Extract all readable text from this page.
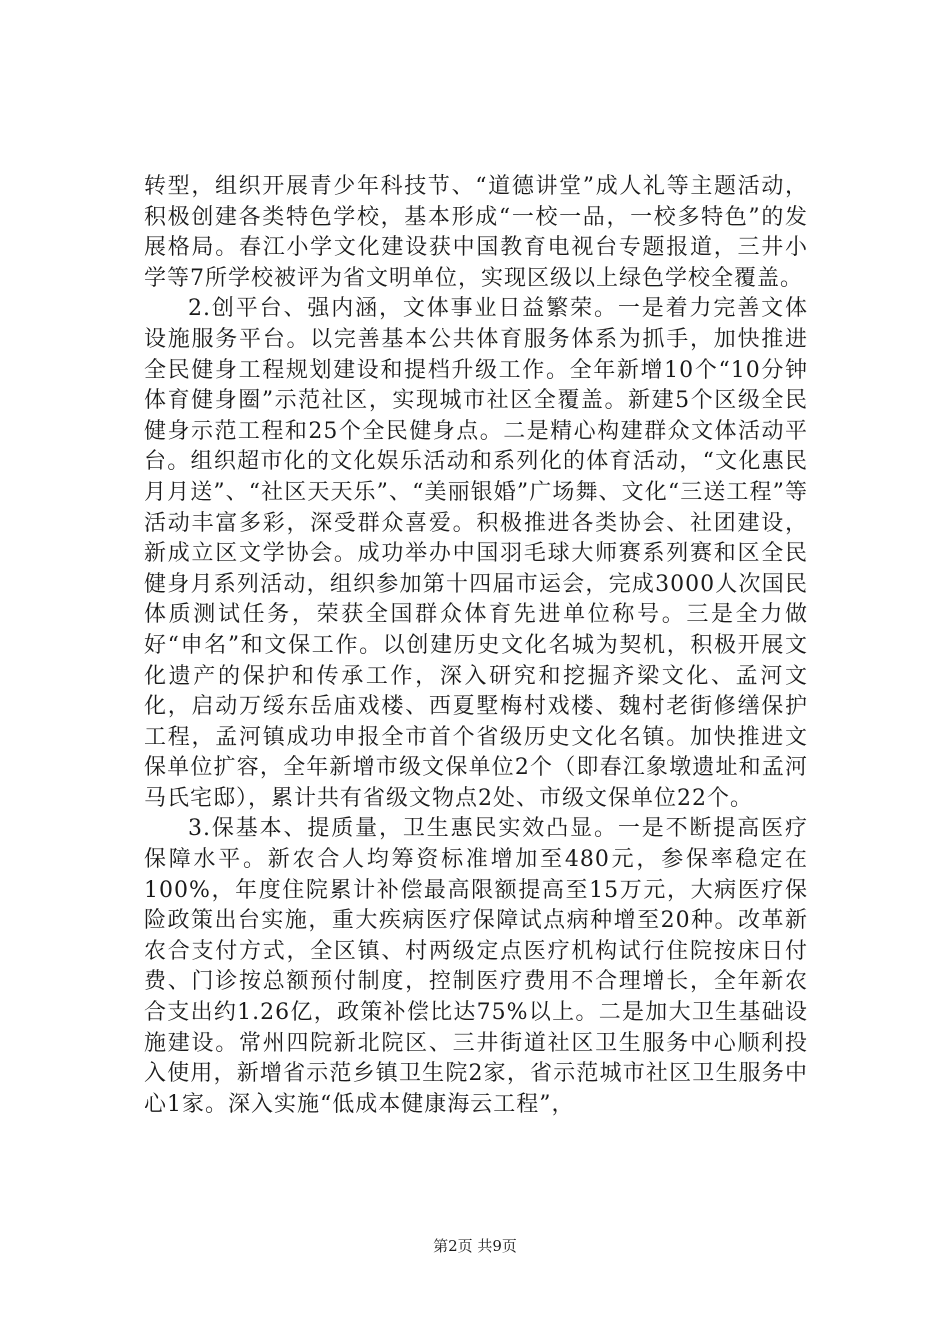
转型，组织开展青少年科技节、“道德讲堂”成人礼等主题活动，积极创建各类特色学校，基本形成“一校一品，一校多特色”的发展格局。春江小学文化建设获中国教育电视台专题报道，三井小学等7所学校被评为省文明单位，实现区级以上绿色学校全覆盖。

2.创平台、强内涵，文体事业日益繁荣。一是着力完善文体设施服务平台。以完善基本公共体育服务体系为抓手，加快推进全民健身工程规划建设和提档升级工作。全年新增10个“10分钟体育健身圈”示范社区，实现城市社区全覆盖。新建5个区级全民健身示范工程和25个全民健身点。二是精心构建群众文体活动平台。组织超市化的文化娱乐活动和系列化的体育活动，“文化惠民月月送”、“社区天天乐”、“美丽银婚”广场舞、文化“三送工程”等活动丰富多彩，深受群众喜爱。积极推进各类协会、社团建设，新成立区文学协会。成功举办中国羽毛球大师赛系列赛和区全民健身月系列活动，组织参加第十四届市运会，完成3000人次国民体质测试任务，荣获全国群众体育先进单位称号。三是全力做好“申名”和文保工作。以创建历史文化名城为契机，积极开展文化遗产的保护和传承工作，深入研究和挖掘齐梁文化、孟河文化，启动万绥东岳庙戏楼、西夏墅梅村戏楼、魏村老街修缮保护工程，孟河镇成功申报全市首个省级历史文化名镇。加快推进文保单位扩容，全年新增市级文保单位2个（即春江象墩遗址和孟河马氏宅邸），累计共有省级文物点2处、市级文保单位22个。

3.保基本、提质量，卫生惠民实效凸显。一是不断提高医疗保障水平。新农合人均筹资标准增加至480元，参保率稳定在100%，年度住院累计补偿最高限额提高至15万元，大病医疗保险政策出台实施，重大疾病医疗保障试点病种增至20种。改革新农合支付方式，全区镇、村两级定点医疗机构试行住院按床日付费、门诊按总额预付制度，控制医疗费用不合理增长，全年新农合支出约1.26亿，政策补偿比达75%以上。二是加大卫生基础设施建设。常州四院新北院区、三井街道社区卫生服务中心顺利投入使用，新增省示范乡镇卫生院2家，省示范城市社区卫生服务中心1家。深入实施“低成本健康海云工程”，

第2页 共9页
